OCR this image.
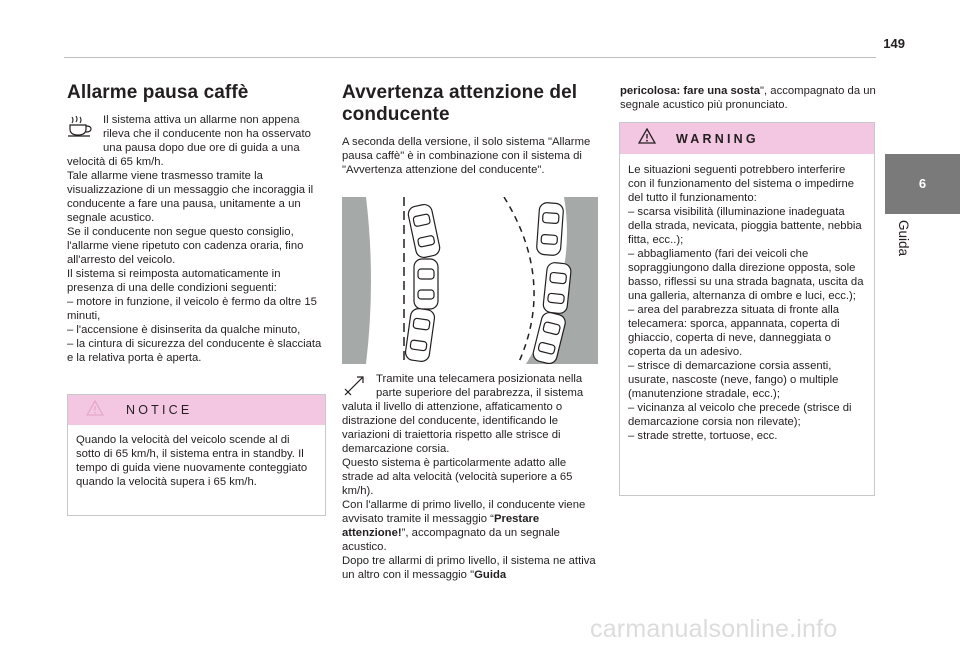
149
Allarme pausa caffè

Il sistema attiva un allarme non appena rileva che il conducente non ha osservato una pausa dopo due ore di guida a una velocità di 65 km/h.

Tale allarme viene trasmesso tramite la visualizzazione di un messaggio che incoraggia il conducente a fare una pausa, unitamente a un segnale acustico.

Se il conducente non segue questo consiglio, l'allarme viene ripetuto con cadenza oraria, fino all'arresto del veicolo.

Il sistema si reimposta automaticamente in presenza di una delle condizioni seguenti:

– motore in funzione, il veicolo è fermo da oltre 15 minuti,

– l'accensione è disinserita da qualche minuto,

– la cintura di sicurezza del conducente è slacciata e la relativa porta è aperta.

NOTICE
Quando la velocità del veicolo scende al di sotto di 65 km/h, il sistema entra in standby. Il tempo di guida viene nuovamente conteggiato quando la velocità supera i 65 km/h.
Avvertenza attenzione del conducente

A seconda della versione, il solo sistema "Allarme pausa caffè" è in combinazione con il sistema di "Avvertenza attenzione del conducente".

Tramite una telecamera posizionata nella parte superiore del parabrezza, il sistema valuta il livello di attenzione, affaticamento o distrazione del conducente, identificando le variazioni di traiettoria rispetto alle strisce di demarcazione corsia.

Questo sistema è particolarmente adatto alle strade ad alta velocità (velocità superiore a 65 km/h).

Con l'allarme di primo livello, il conducente viene avvisato tramite il messaggio “Prestare attenzione!”, accompagnato da un segnale acustico.

Dopo tre allarmi di primo livello, il sistema ne attiva un altro con il messaggio "Guida

pericolosa: fare una sosta", accompagnato da un segnale acustico più pronunciato.

WARNING

Le situazioni seguenti potrebbero interferire con il funzionamento del sistema o impedirne del tutto il funzionamento:

– scarsa visibilità (illuminazione inadeguata della strada, nevicata, pioggia battente, nebbia fitta, ecc..);

– abbagliamento (fari dei veicoli che sopraggiungono dalla direzione opposta, sole basso, riflessi su una strada bagnata, uscita da una galleria, alternanza di ombre e luci, ecc.);

– area del parabrezza situata di fronte alla telecamera: sporca, appannata, coperta di ghiaccio, coperta di neve, danneggiata o coperta da un adesivo.

– strisce di demarcazione corsia assenti, usurate, nascoste (neve, fango) o multiple (manutenzione stradale, ecc.);

– vicinanza al veicolo che precede (strisce di demarcazione corsia non rilevate);

– strade strette, tortuose, ecc.

6
Guida
carmanualsonline.info
